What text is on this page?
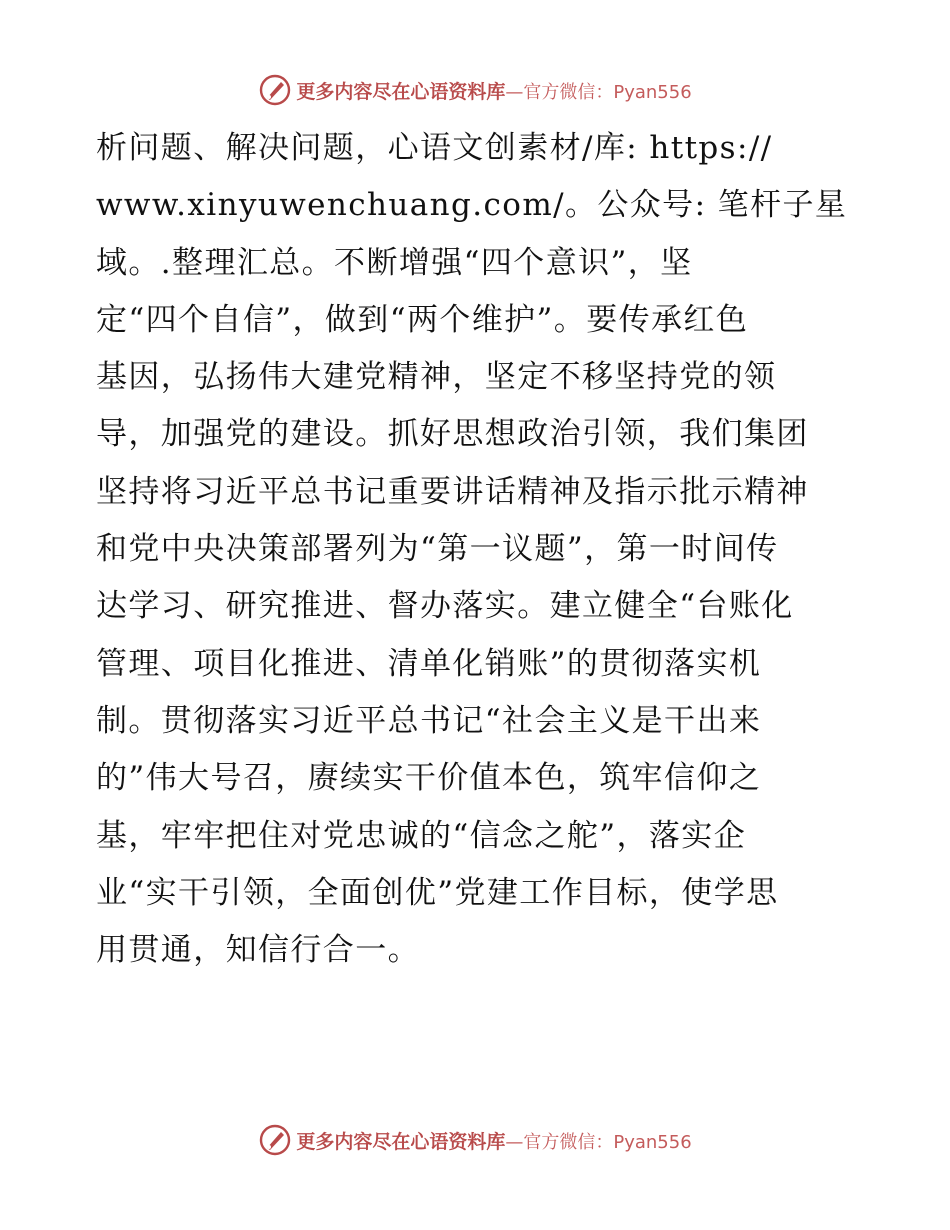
更多内容尽在心语资料库 — 官方微信：Pyan556
析问题、解决问题，心语文创素材/库: https://
www.xinyuwenchuang.com/。公众号: 笔杆子星
域。.整理汇总。不断增强“四个意识”，坚
定“四个自信”，做到“两个维护”。要传承红色
基因，弘扬伟大建党精神，坚定不移坚持党的领
导，加强党的建设。抓好思想政治引领，我们集团
坚持将习近平总书记重要讲话精神及指示批示精神
和党中央决策部署列为“第一议题”，第一时间传
达学习、研究推进、督办落实。建立健全“台账化
管理、项目化推进、清单化销账”的贯彻落实机
制。贯彻落实习近平总书记“社会主义是干出来
的”伟大号召，赓续实干价值本色，筑牢信仰之
基，牢牢把住对党忠诚的“信念之舵”，落实企
业“实干引领，全面创优”党建工作目标，使学思
用贯通，知信行合一。
更多内容尽在心语资料库 — 官方微信：Pyan556
